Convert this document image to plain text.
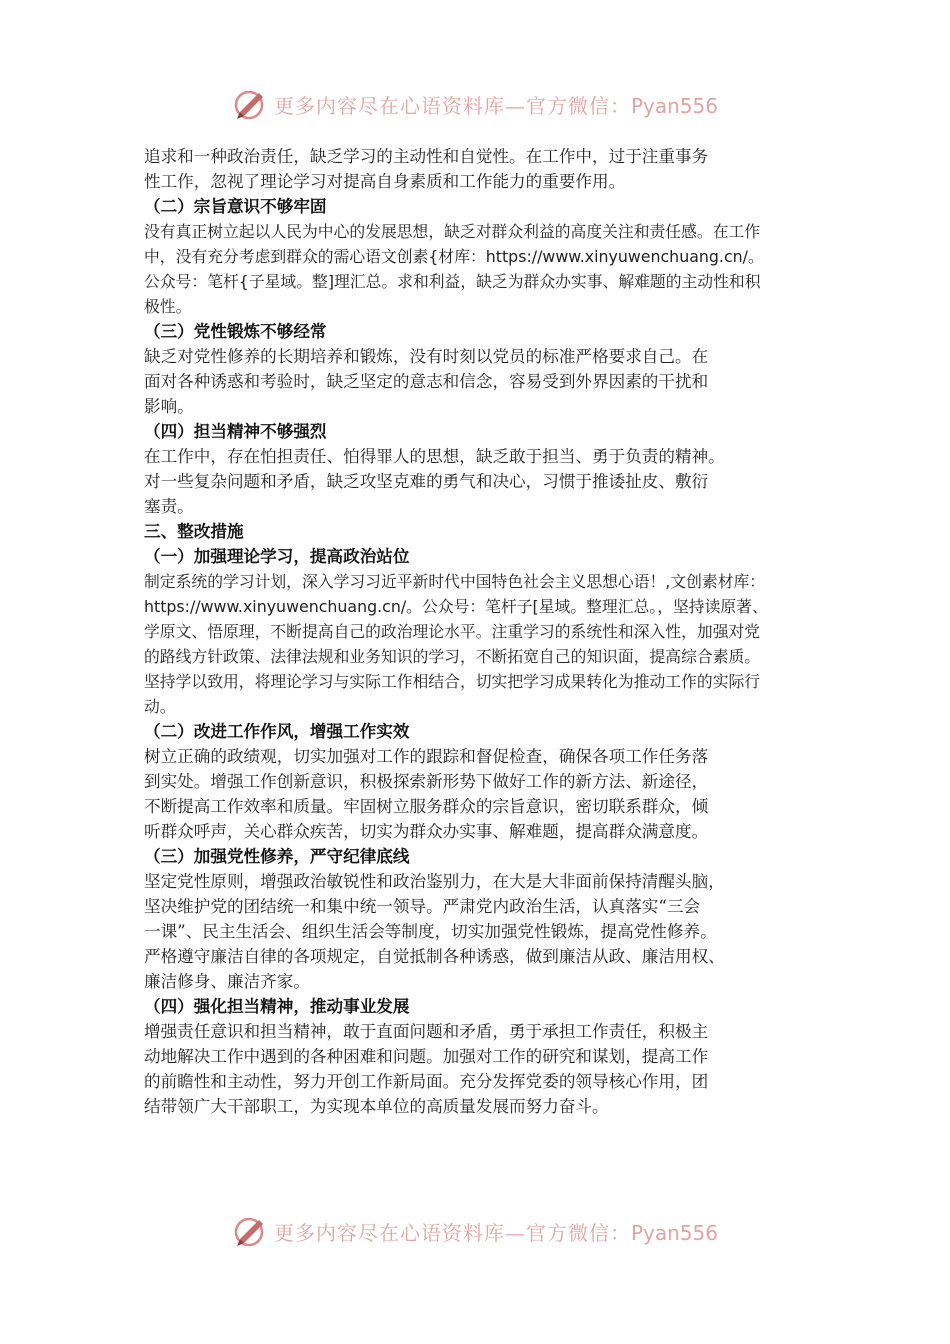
更多内容尽在心语资料库—官方微信：Pyan556
追求和一种政治责任，缺乏学习的主动性和自觉性。在工作中，过于注重事务
性工作，忽视了理论学习对提高自身素质和工作能力的重要作用。
（二）宗旨意识不够牢固
没有真正树立起以人民为中心的发展思想，缺乏对群众利益的高度关注和责任感。在工作
中，没有充分考虑到群众的需心语文创素{材库：https://www.xinyuwenchuang.cn/。
公众号：笔杆{子星域。整]理汇总。求和利益，缺乏为群众办实事、解难题的主动性和积
极性。
（三）党性锻炼不够经常
缺乏对党性修养的长期培养和锻炼，没有时刻以党员的标准严格要求自己。在
面对各种诱惑和考验时，缺乏坚定的意志和信念，容易受到外界因素的干扰和
影响。
（四）担当精神不够强烈
在工作中，存在怕担责任、怕得罪人的思想，缺乏敢于担当、勇于负责的精神。
对一些复杂问题和矛盾，缺乏攻坚克难的勇气和决心，习惯于推诿扯皮、敷衍
塞责。
三、整改措施
（一）加强理论学习，提高政治站位
制定系统的学习计划，深入学习习近平新时代中国特色社会主义思想心语！,文创素材库：
https://www.xinyuwenchuang.cn/。公众号：笔杆子[星域。整理汇总。，坚持读原著、
学原文、悟原理，不断提高自己的政治理论水平。注重学习的系统性和深入性，加强对党
的路线方针政策、法律法规和业务知识的学习，不断拓宽自己的知识面，提高综合素质。
坚持学以致用，将理论学习与实际工作相结合，切实把学习成果转化为推动工作的实际行
动。
（二）改进工作作风，增强工作实效
树立正确的政绩观，切实加强对工作的跟踪和督促检查，确保各项工作任务落
到实处。增强工作创新意识，积极探索新形势下做好工作的新方法、新途径，
不断提高工作效率和质量。牢固树立服务群众的宗旨意识，密切联系群众，倾
听群众呼声，关心群众疾苦，切实为群众办实事、解难题，提高群众满意度。
（三）加强党性修养，严守纪律底线
坚定党性原则，增强政治敏锐性和政治鉴别力，在大是大非面前保持清醒头脑，
坚决维护党的团结统一和集中统一领导。严肃党内政治生活，认真落实“三会
一课”、民主生活会、组织生活会等制度，切实加强党性锻炼，提高党性修养。
严格遵守廉洁自律的各项规定，自觉抵制各种诱惑，做到廉洁从政、廉洁用权、
廉洁修身、廉洁齐家。
（四）强化担当精神，推动事业发展
增强责任意识和担当精神，敢于直面问题和矛盾，勇于承担工作责任，积极主
动地解决工作中遇到的各种困难和问题。加强对工作的研究和谋划，提高工作
的前瞻性和主动性，努力开创工作新局面。充分发挥党委的领导核心作用，团
结带领广大干部职工，为实现本单位的高质量发展而努力奋斗。
更多内容尽在心语资料库—官方微信：Pyan556
